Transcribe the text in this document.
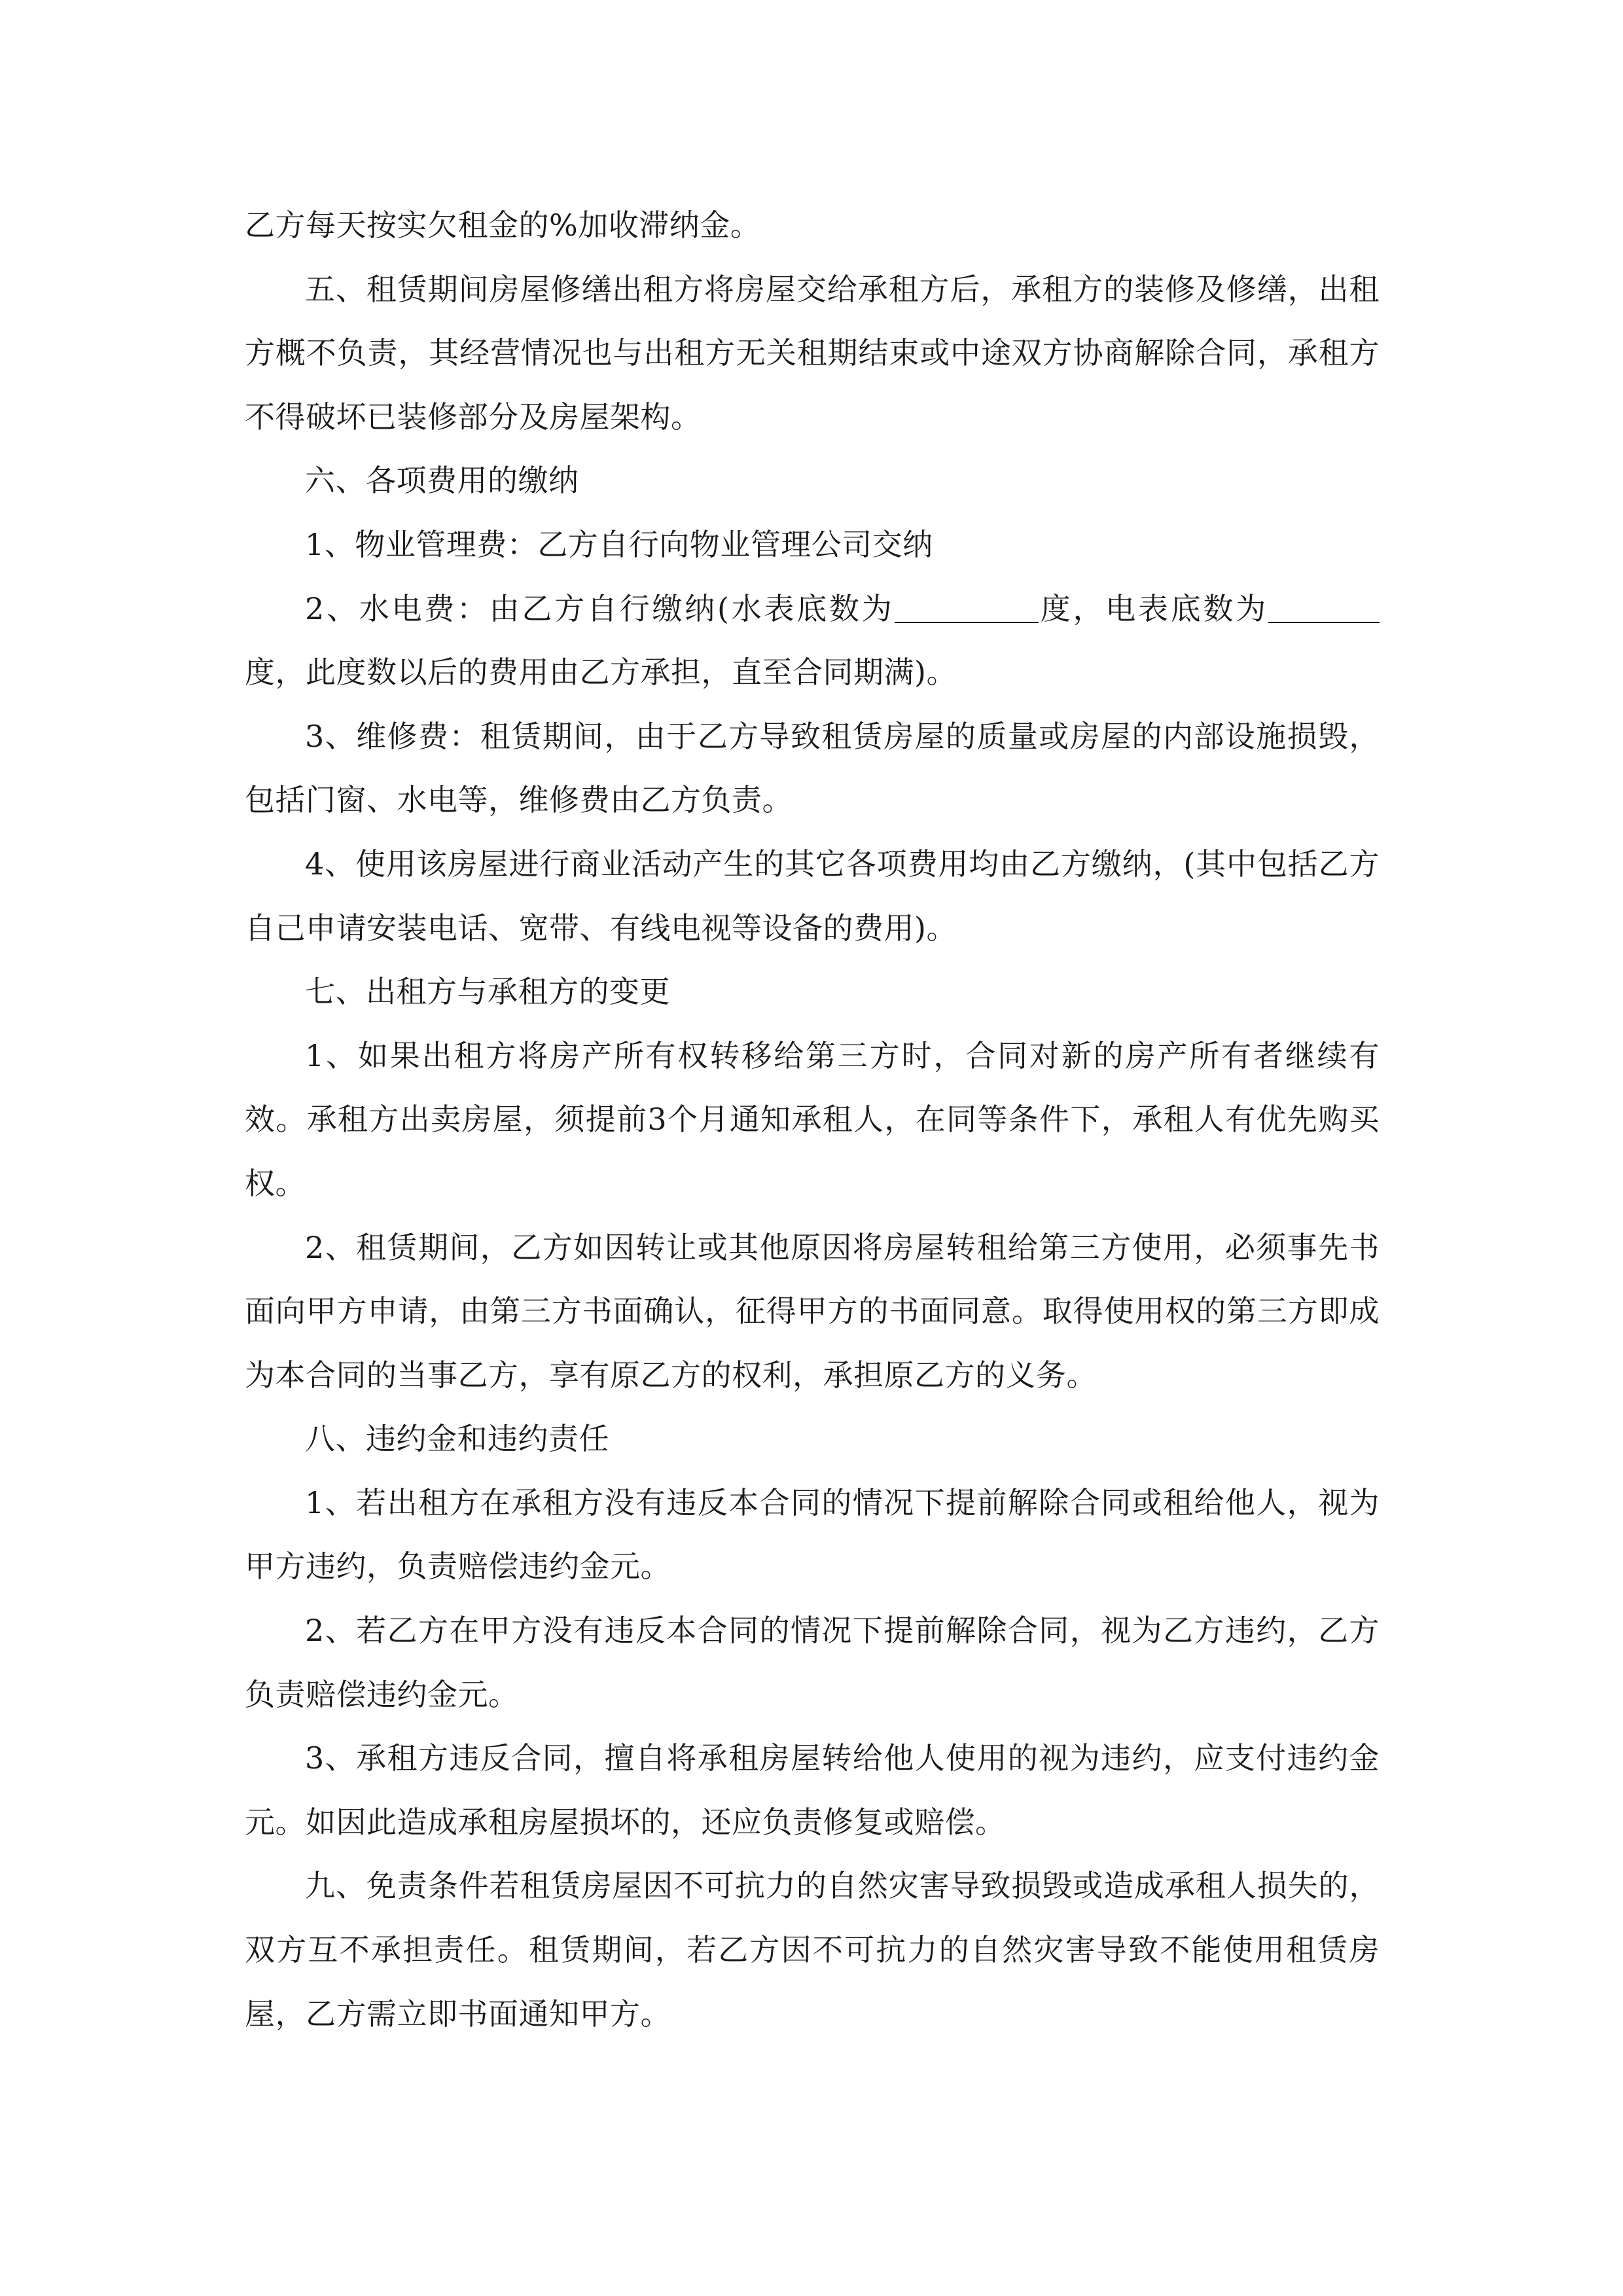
乙方每天按实欠租金的%加收滞纳金。

五、租赁期间房屋修缮出租方将房屋交给承租方后，承租方的装修及修缮，出租方概不负责，其经营情况也与出租方无关租期结束或中途双方协商解除合同，承租方不得破坏已装修部分及房屋架构。

六、各项费用的缴纳

1、物业管理费：乙方自行向物业管理公司交纳

2、水电费：由乙方自行缴纳(水表底数为	度，电表底数为度，此度数以后的费用由乙方承担，直至合同期满)。

3、维修费：租赁期间，由于乙方导致租赁房屋的质量或房屋的内部设施损毁，包括门窗、水电等，维修费由乙方负责。

4、使用该房屋进行商业活动产生的其它各项费用均由乙方缴纳，(其中包括乙方自己申请安装电话、宽带、有线电视等设备的费用)。

七、出租方与承租方的变更

1、如果出租方将房产所有权转移给第三方时，合同对新的房产所有者继续有效。承租方出卖房屋，须提前3个月通知承租人，在同等条件下，承租人有优先购买权。

2、租赁期间，乙方如因转让或其他原因将房屋转租给第三方使用，必须事先书面向甲方申请，由第三方书面确认，征得甲方的书面同意。取得使用权的第三方即成为本合同的当事乙方，享有原乙方的权利，承担原乙方的义务。

八、违约金和违约责任

1、若出租方在承租方没有违反本合同的情况下提前解除合同或租给他人，视为甲方违约，负责赔偿违约金元。

2、若乙方在甲方没有违反本合同的情况下提前解除合同，视为乙方违约，乙方负责赔偿违约金元。

3、承租方违反合同，擅自将承租房屋转给他人使用的视为违约，应支付违约金元。如因此造成承租房屋损坏的，还应负责修复或赔偿。

九、免责条件若租赁房屋因不可抗力的自然灾害导致损毁或造成承租人损失的，双方互不承担责任。租赁期间，若乙方因不可抗力的自然灾害导致不能使用租赁房屋，乙方需立即书面通知甲方。
